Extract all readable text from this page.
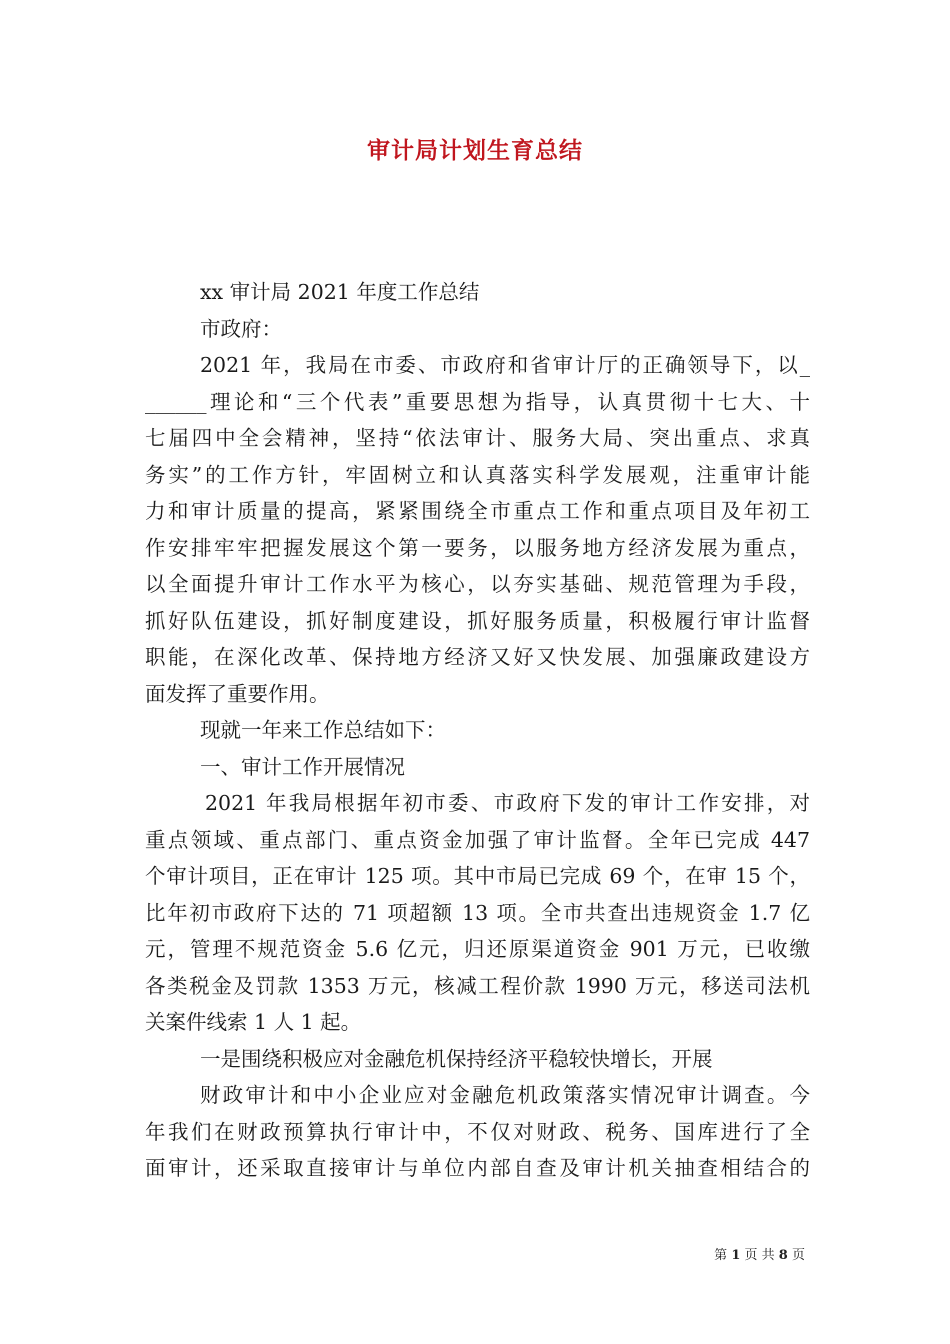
审计局计划生育总结
xx 审计局 2021 年度工作总结
市政府：
2021 年，我局在市委、市政府和省审计厅的正确领导下，以_
______理论和“三个代表”重要思想为指导，认真贯彻十七大、十
七届四中全会精神，坚持“依法审计、服务大局、突出重点、求真
务实”的工作方针，牢固树立和认真落实科学发展观，注重审计能
力和审计质量的提高，紧紧围绕全市重点工作和重点项目及年初工
作安排牢牢把握发展这个第一要务，以服务地方经济发展为重点，
以全面提升审计工作水平为核心，以夯实基础、规范管理为手段，
抓好队伍建设，抓好制度建设，抓好服务质量，积极履行审计监督
职能，在深化改革、保持地方经济又好又快发展、加强廉政建设方
面发挥了重要作用。
现就一年来工作总结如下：
一、审计工作开展情况
2021 年我局根据年初市委、市政府下发的审计工作安排，对
重点领域、重点部门、重点资金加强了审计监督。全年已完成 447
个审计项目，正在审计 125 项。其中市局已完成 69 个，在审 15 个，
比年初市政府下达的 71 项超额 13 项。全市共查出违规资金 1.7 亿
元，管理不规范资金 5.6 亿元，归还原渠道资金 901 万元，已收缴
各类税金及罚款 1353 万元，核减工程价款 1990 万元，移送司法机
关案件线索 1 人 1 起。
一是围绕积极应对金融危机保持经济平稳较快增长，开展
财政审计和中小企业应对金融危机政策落实情况审计调查。今
年我们在财政预算执行审计中，不仅对财政、税务、国库进行了全
面审计，还采取直接审计与单位内部自查及审计机关抽查相结合的
第 1 页 共 8 页
